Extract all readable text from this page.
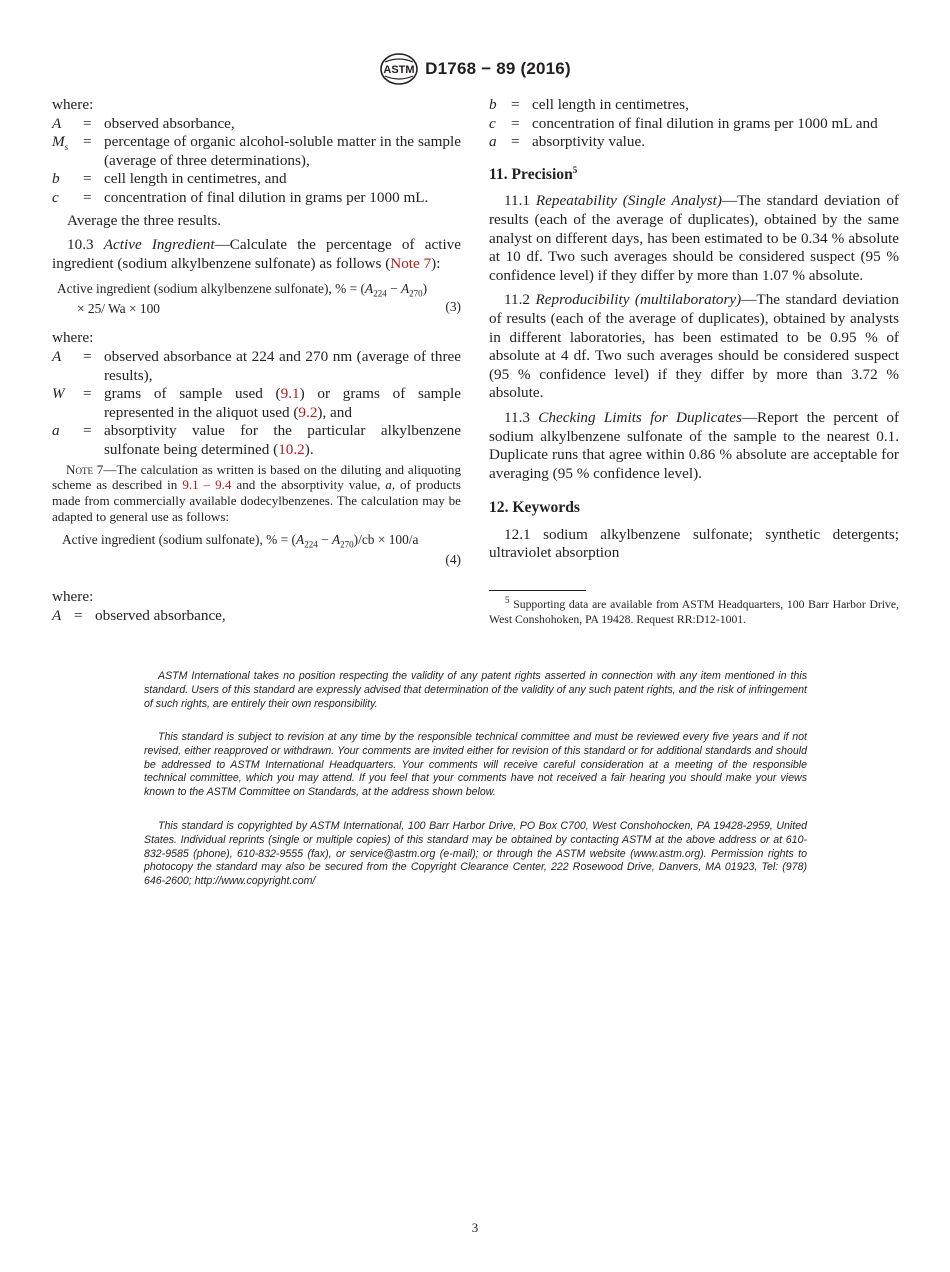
ASTM D1768 − 89 (2016)

where:

A	= observed absorbance,
$M_s$ = percentage of organic alcohol-soluble matter in the sample (average of three determinations),
b	= cell length in centimetres, and
c	= concentration of final dilution in grams per 1000 mL.

Average the three results.

10.3 Active Ingredient—Calculate the percentage of active ingredient (sodium alkylbenzene sulfonate) as follows (Note 7):

Active ingredient (sodium alkylbenzene sulfonate), % = $(A_{224} - A_{270})$
× 25/ Wa × 100	(3)

where:

A	= observed absorbance at 224 and 270 nm (average of three results),
W	= grams of sample used (9.1) or grams of sample represented in the aliquot used (9.2), and
a	= absorptivity value for the particular alkylbenzene sulfonate being determined (10.2).

Note 7—The calculation as written is based on the diluting and aliquoting scheme as described in 9.1 – 9.4 and the absorptivity value, a, of products made from commercially available dodecylbenzenes. The calculation may be adapted to general use as follows:

Active ingredient (sodium sulfonate), % = $(A_{224} - A_{270})/cb \times 100/a$
(4)

where:

A = observed absorbance,
b = cell length in centimetres,
c	= concentration of final dilution in grams per 1000 mL and
a = absorptivity value.
11. Precision$^5$

11.1 Repeatability (Single Analyst)—The standard deviation of results (each of the average of duplicates), obtained by the same analyst on different days, has been estimated to be 0.34 % absolute at 10 df. Two such averages should be considered suspect (95 % confidence level) if they differ by more than 1.07 % absolute.

11.2 Reproducibility (multilaboratory)—The standard deviation of results (each of the average of duplicates), obtained by analysts in different laboratories, has been estimated to be 0.95 % of absolute at 4 df. Two such averages should be considered suspect (95 % confidence level) if they differ by more than 3.72 % absolute.

11.3 Checking Limits for Duplicates—Report the percent of sodium alkylbenzene sulfonate of the sample to the nearest 0.1. Duplicate runs that agree within 0.86 % absolute are acceptable for averaging (95 % confidence level).

12. Keywords

12.1 sodium alkylbenzene sulfonate; synthetic detergents; ultraviolet absorption

$^5$ Supporting data are available from ASTM Headquarters, 100 Barr Harbor Drive, West Conshohoken, PA 19428. Request RR:D12-1001.

ASTM International takes no position respecting the validity of any patent rights asserted in connection with any item mentioned in this standard. Users of this standard are expressly advised that determination of the validity of any such patent rights, and the risk of infringement of such rights, are entirely their own responsibility.

This standard is subject to revision at any time by the responsible technical committee and must be reviewed every five years and if not revised, either reapproved or withdrawn. Your comments are invited either for revision of this standard or for additional standards and should be addressed to ASTM International Headquarters. Your comments will receive careful consideration at a meeting of the responsible technical committee, which you may attend. If you feel that your comments have not received a fair hearing you should make your views known to the ASTM Committee on Standards, at the address shown below.

This standard is copyrighted by ASTM International, 100 Barr Harbor Drive, PO Box C700, West Conshohocken, PA 19428-2959, United States. Individual reprints (single or multiple copies) of this standard may be obtained by contacting ASTM at the above address or at 610-832-9585 (phone), 610-832-9555 (fax), or service@astm.org (e-mail); or through the ASTM website (www.astm.org). Permission rights to photocopy the standard may also be secured from the Copyright Clearance Center, 222 Rosewood Drive, Danvers, MA 01923, Tel: (978) 646-2600; http://www.copyright.com/

3
